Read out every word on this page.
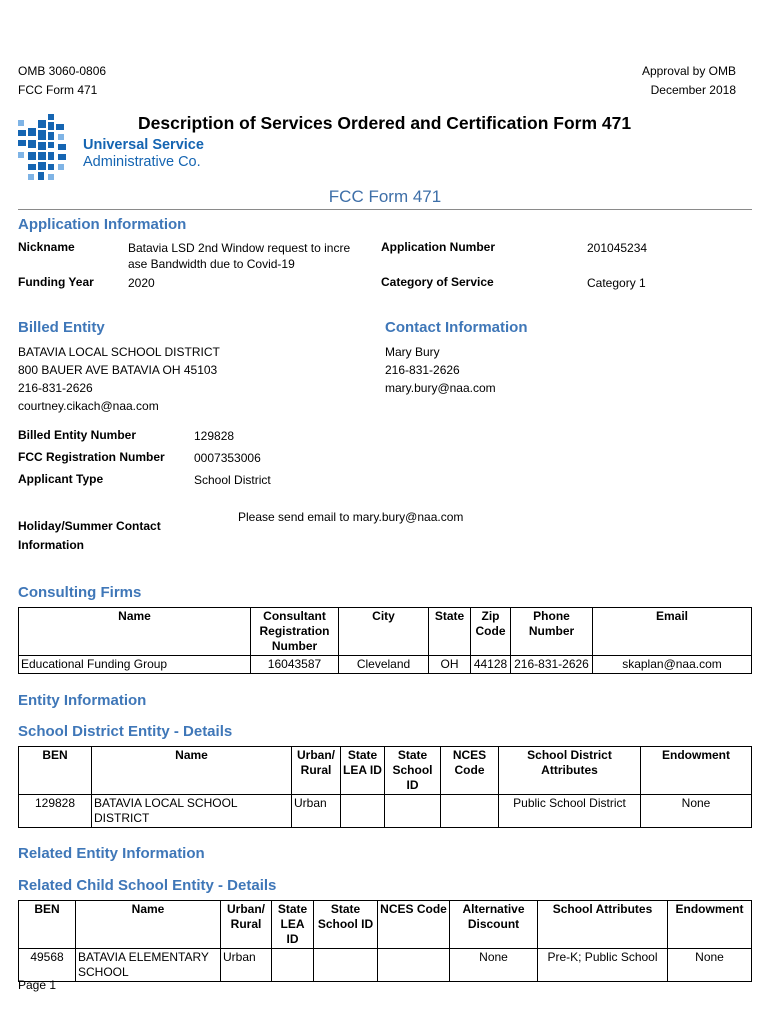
OMB 3060-0806
FCC Form 471
Approval by OMB
December 2018
Universal Service
Administrative Co.
Description of Services Ordered and Certification Form 471
FCC Form 471
Application Information
Nickname	Batavia LSD 2nd Window request to incre
ase Bandwidth due to Covid-19
Application Number	201045234
Funding Year	2020	Category of Service	Category 1
Billed Entity	Contact Information
BATAVIA LOCAL SCHOOL DISTRICT
800 BAUER AVE BATAVIA OH 45103
216-831-2626
courtney.cikach@naa.com
Mary Bury
216-831-2626
mary.bury@naa.com
Billed Entity Number	129828
FCC Registration Number 0007353006
Applicant Type	School District
Holiday/Summer Contact
Information
Please send email to mary.bury@naa.com
Consulting Firms
Name	Consultant Registration Number	City	State	Zip Code	Phone Number	Email
Educational Funding Group	16043587	Cleveland	OH	44128	216-831-2626	skaplan@naa.com
Entity Information
School District Entity - Details
BEN	Name	Urban/ Rural	State LEA ID	State School ID	NCES Code	School District Attributes	Endowment
129828	BATAVIA LOCAL SCHOOL DISTRICT	Urban				Public School District	None
Related Entity Information
Related Child School Entity - Details
BEN	Name	Urban/ Rural	State LEA ID	State School ID	NCES Code	Alternative Discount	School Attributes	Endowment
49568	BATAVIA ELEMENTARY SCHOOL	Urban				None	Pre-K; Public School	None
Page 1
